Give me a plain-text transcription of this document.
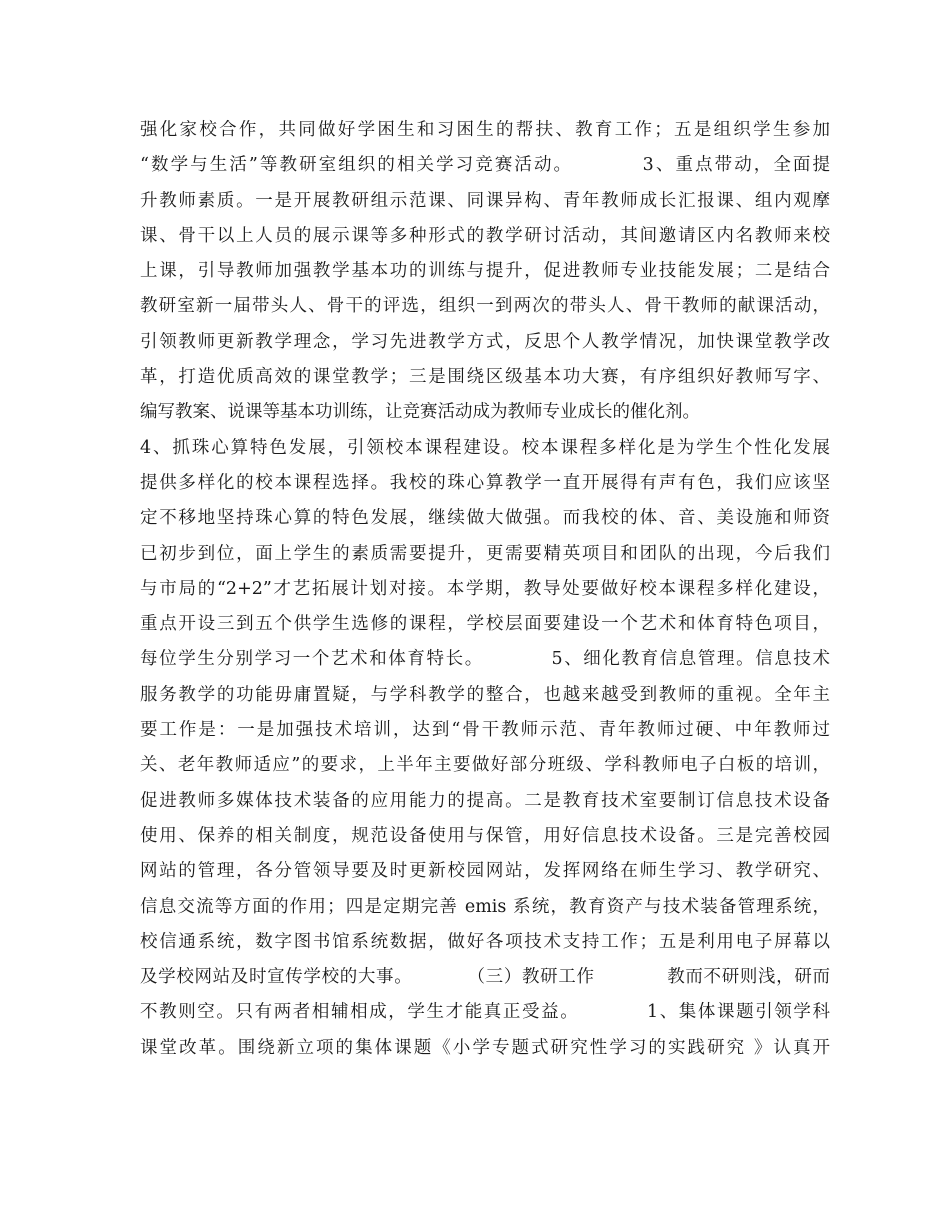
强化家校合作，共同做好学困生和习困生的帮扶、教育工作；五是组织学生参加
“数学与生活”等教研室组织的相关学习竞赛活动。　　　　3、重点带动，全面提
升教师素质。一是开展教研组示范课、同课异构、青年教师成长汇报课、组内观摩
课、骨干以上人员的展示课等多种形式的教学研讨活动，其间邀请区内名教师来校
上课，引导教师加强教学基本功的训练与提升，促进教师专业技能发展；二是结合
教研室新一届带头人、骨干的评选，组织一到两次的带头人、骨干教师的献课活动，
引领教师更新教学理念，学习先进教学方式，反思个人教学情况，加快课堂教学改
革，打造优质高效的课堂教学；三是围绕区级基本功大赛，有序组织好教师写字、
编写教案、说课等基本功训练，让竞赛活动成为教师专业成长的催化剂。
4、抓珠心算特色发展，引领校本课程建设。校本课程多样化是为学生个性化发展
提供多样化的校本课程选择。我校的珠心算教学一直开展得有声有色，我们应该坚
定不移地坚持珠心算的特色发展，继续做大做强。而我校的体、音、美设施和师资
已初步到位，面上学生的素质需要提升，更需要精英项目和团队的出现，今后我们
与市局的“2+2”才艺拓展计划对接。本学期，教导处要做好校本课程多样化建设，
重点开设三到五个供学生选修的课程，学校层面要建设一个艺术和体育特色项目，
每位学生分别学习一个艺术和体育特长。　　　　5、细化教育信息管理。信息技术
服务教学的功能毋庸置疑，与学科教学的整合，也越来越受到教师的重视。全年主
要工作是：一是加强技术培训，达到“骨干教师示范、青年教师过硬、中年教师过
关、老年教师适应”的要求，上半年主要做好部分班级、学科教师电子白板的培训，
促进教师多媒体技术装备的应用能力的提高。二是教育技术室要制订信息技术设备
使用、保养的相关制度，规范设备使用与保管，用好信息技术设备。三是完善校园
网站的管理，各分管领导要及时更新校园网站，发挥网络在师生学习、教学研究、
信息交流等方面的作用；四是定期完善 emis 系统，教育资产与技术装备管理系统，
校信通系统，数字图书馆系统数据，做好各项技术支持工作；五是利用电子屏幕以
及学校网站及时宣传学校的大事。　　　　（三）教研工作　　　　教而不研则浅，研而
不教则空。只有两者相辅相成，学生才能真正受益。　　　　1、集体课题引领学科
课堂改革。围绕新立项的集体课题《小学专题式研究性学习的实践研究 》认真开
